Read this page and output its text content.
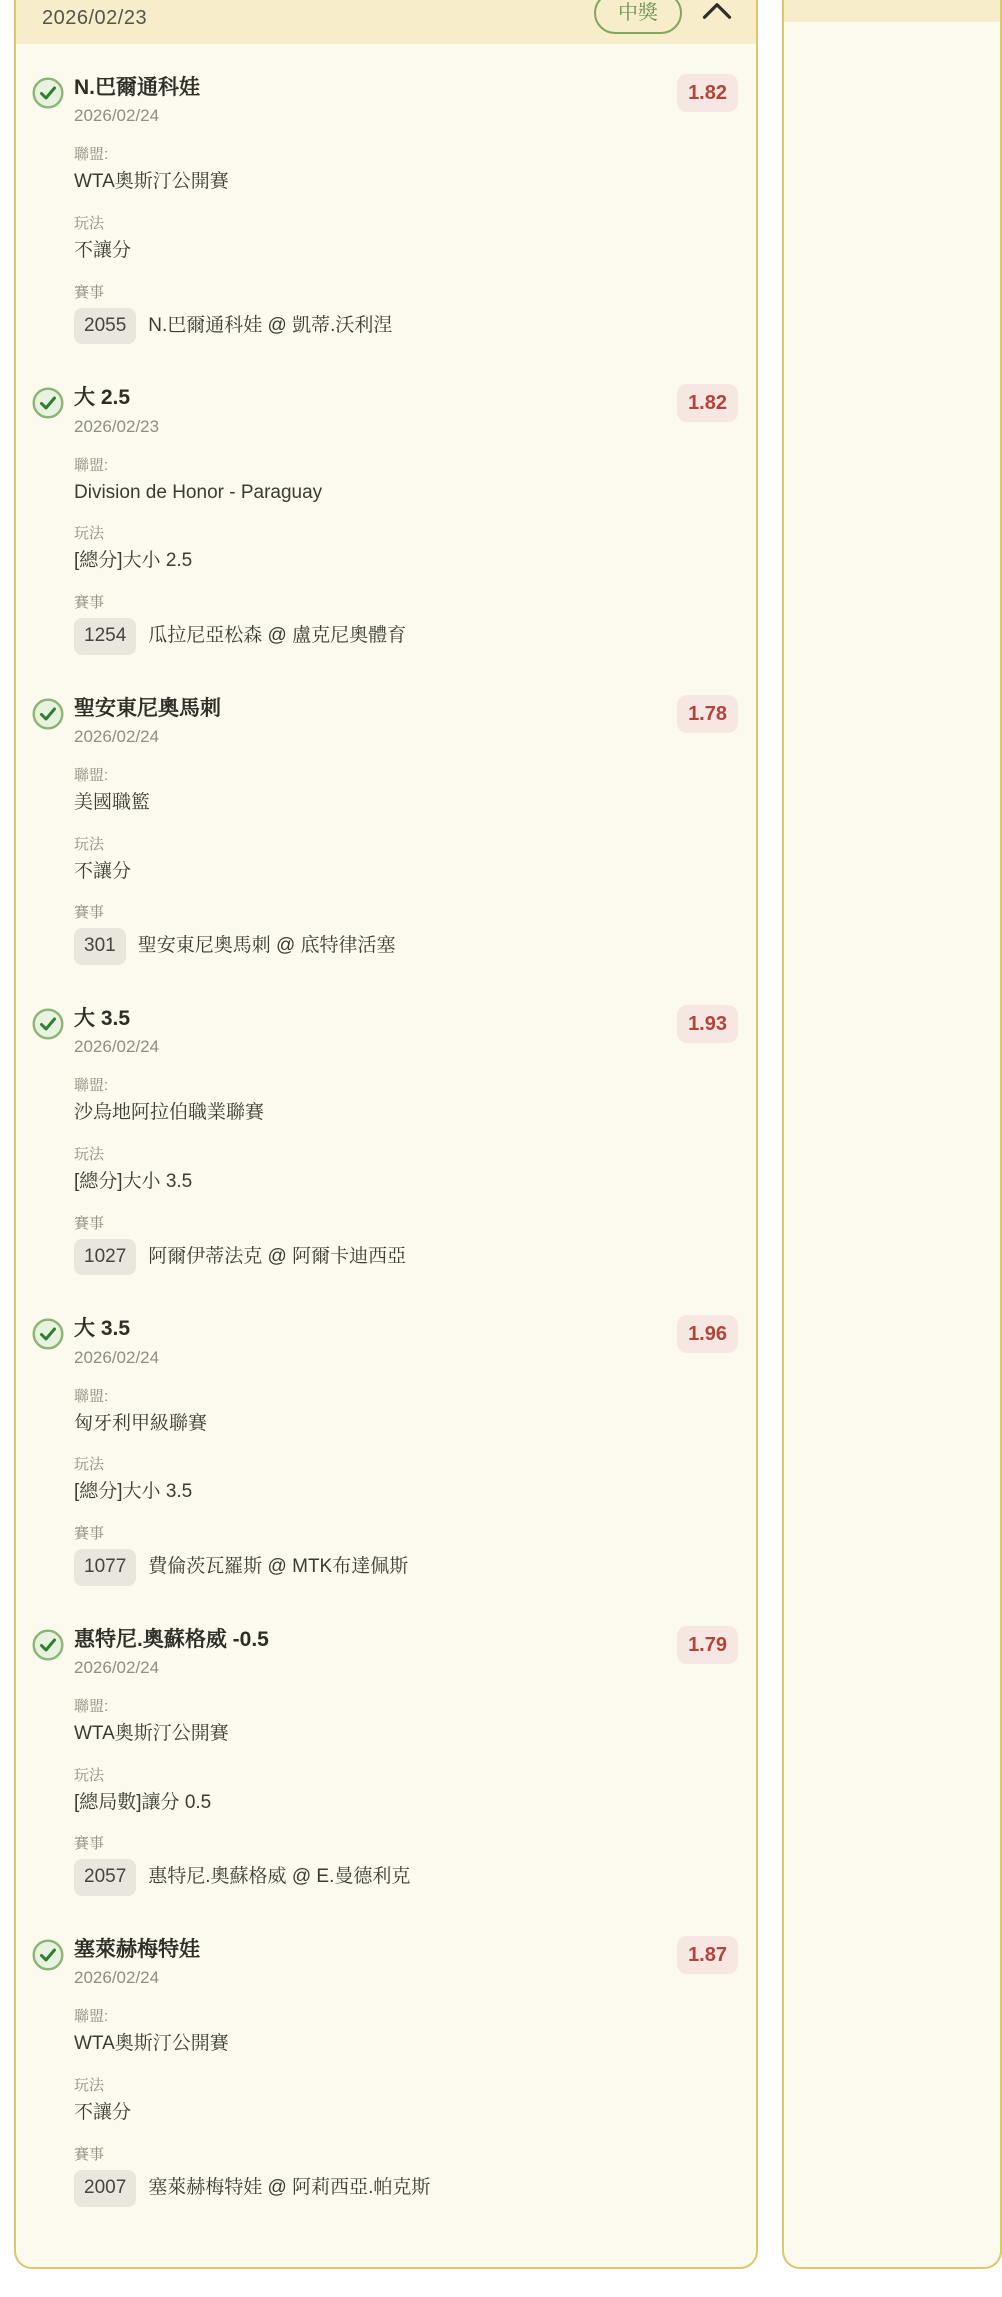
2026/02/23	中獎
N.巴爾通科娃
2026/02/24
1.82
聯盟:
WTA奧斯汀公開賽
玩法
不讓分
賽事
2055	N.巴爾通科娃 @ 凱蒂.沃利涅
大 2.5
2026/02/23
1.82
聯盟:
Division de Honor - Paraguay
玩法
[總分]大小 2.5
賽事
1254	瓜拉尼亞松森 @ 盧克尼奧體育
聖安東尼奧馬刺
2026/02/24
1.78
聯盟:
美國職籃
玩法
不讓分
賽事
301	聖安東尼奧馬刺 @ 底特律活塞
大 3.5
2026/02/24
1.93
聯盟:
沙烏地阿拉伯職業聯賽
玩法
[總分]大小 3.5
賽事
1027	阿爾伊蒂法克 @ 阿爾卡迪西亞
大 3.5
2026/02/24
1.96
聯盟:
匈牙利甲級聯賽
玩法
[總分]大小 3.5
賽事
1077	費倫茨瓦羅斯 @ MTK布達佩斯
惠特尼.奧蘇格威 -0.5
2026/02/24
1.79
聯盟:
WTA奧斯汀公開賽
玩法
[總局數]讓分 0.5
賽事
2057	惠特尼.奧蘇格威 @ E.曼德利克
塞萊赫梅特娃
2026/02/24
1.87
聯盟:
WTA奧斯汀公開賽
玩法
不讓分
賽事
2007	塞萊赫梅特娃 @ 阿莉西亞.帕克斯
